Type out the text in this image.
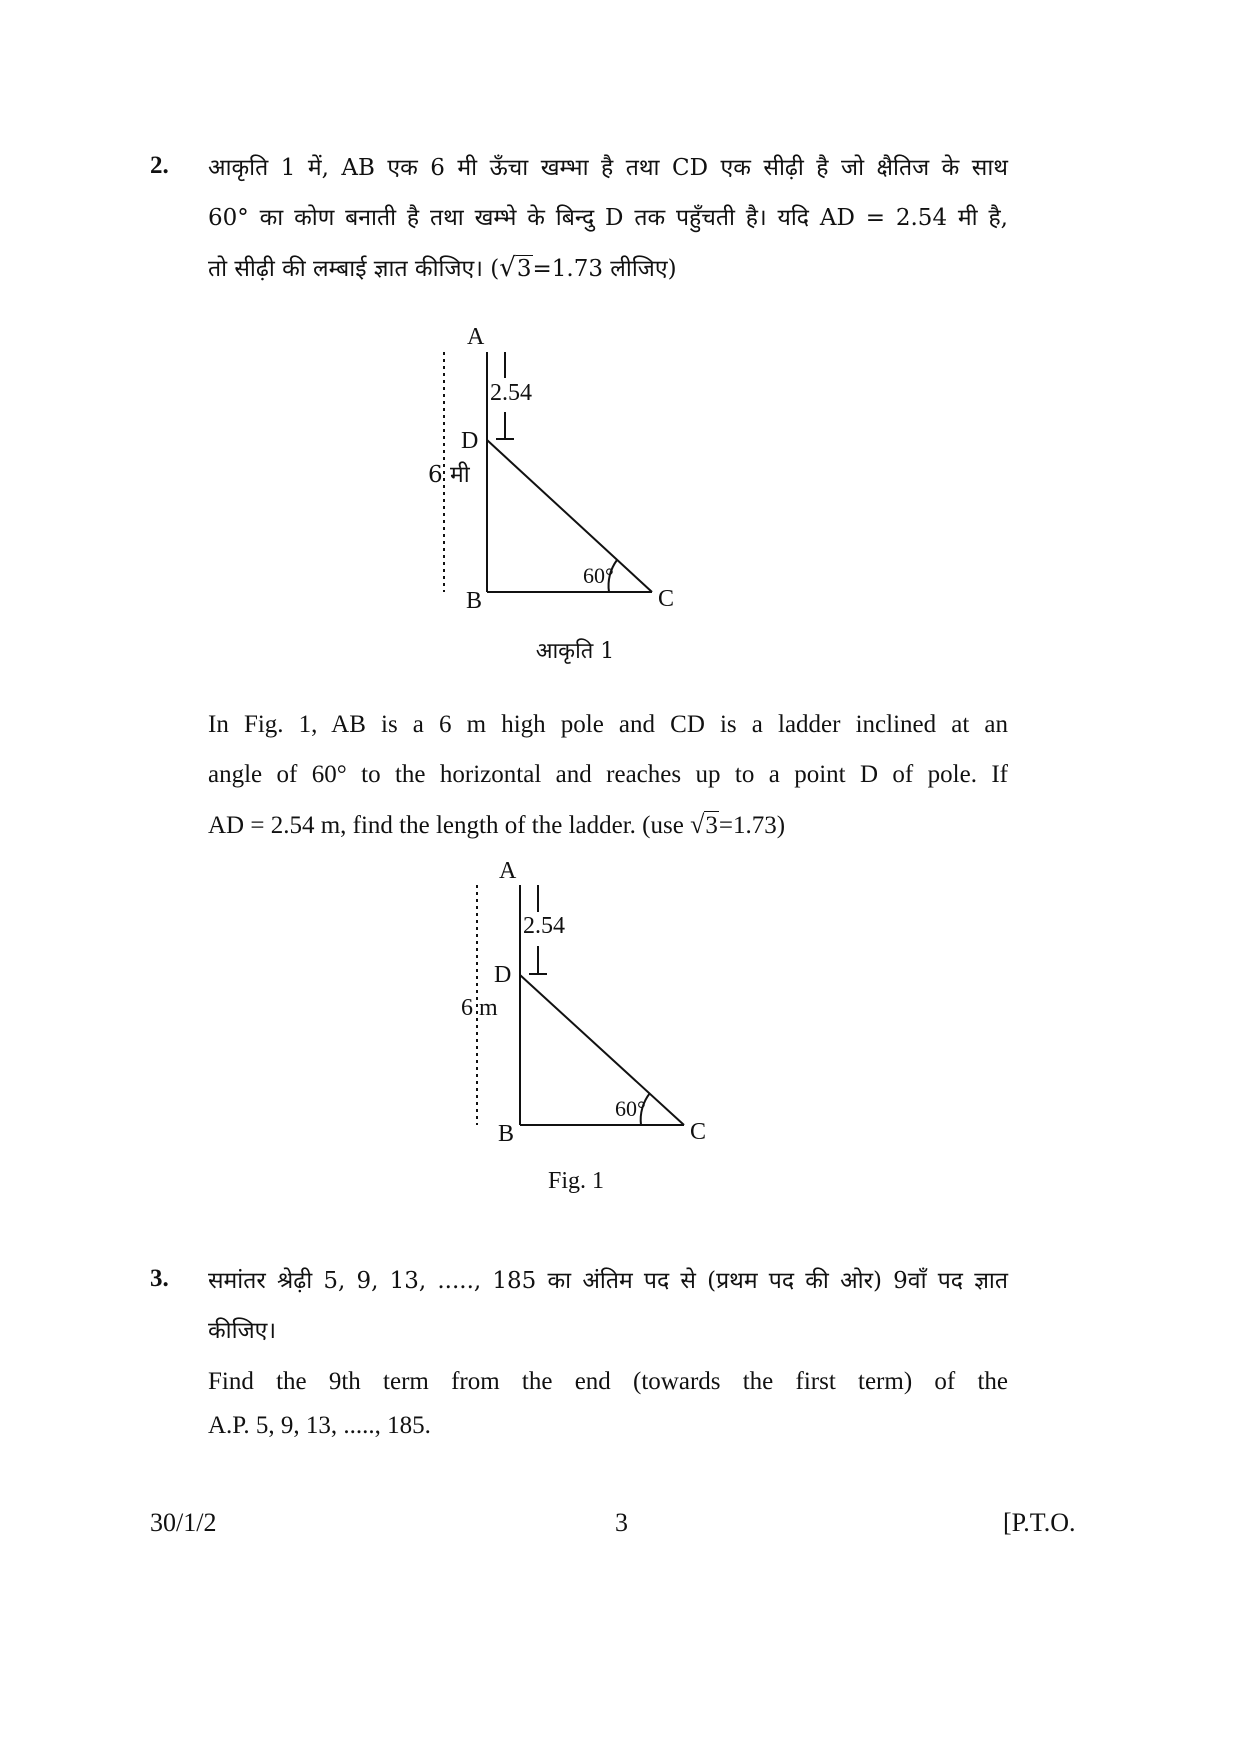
2. आकृति 1 में, AB एक 6 मी ऊँचा खम्भा है तथा CD एक सीढ़ी है जो क्षैतिज के साथ
60° का कोण बनाती है तथा खम्भे के बिन्दु D तक पहुँचती है। यदि AD = 2.54 मी है,
तो सीढ़ी की लम्बाई ज्ञात कीजिए। (√3=1.73 लीजिए)
A
2.54
D
6 मी
60°
B	C
आकृति 1
In Fig. 1, AB is a 6 m high pole and CD is a ladder inclined at an
angle of 60° to the horizontal and reaches up to a point D of pole. If
AD = 2.54 m, find the length of the ladder. (use √3=1.73)
A
2.54
D
6 m
60°
B	C
Fig. 1
3. समांतर श्रेढ़ी 5, 9, 13, ....., 185 का अंतिम पद से (प्रथम पद की ओर) 9वाँ पद ज्ञात
कीजिए।
Find the 9th term from the end (towards the first term) of the
A.P. 5, 9, 13, ....., 185.
30/1/2	3	[P.T.O.
